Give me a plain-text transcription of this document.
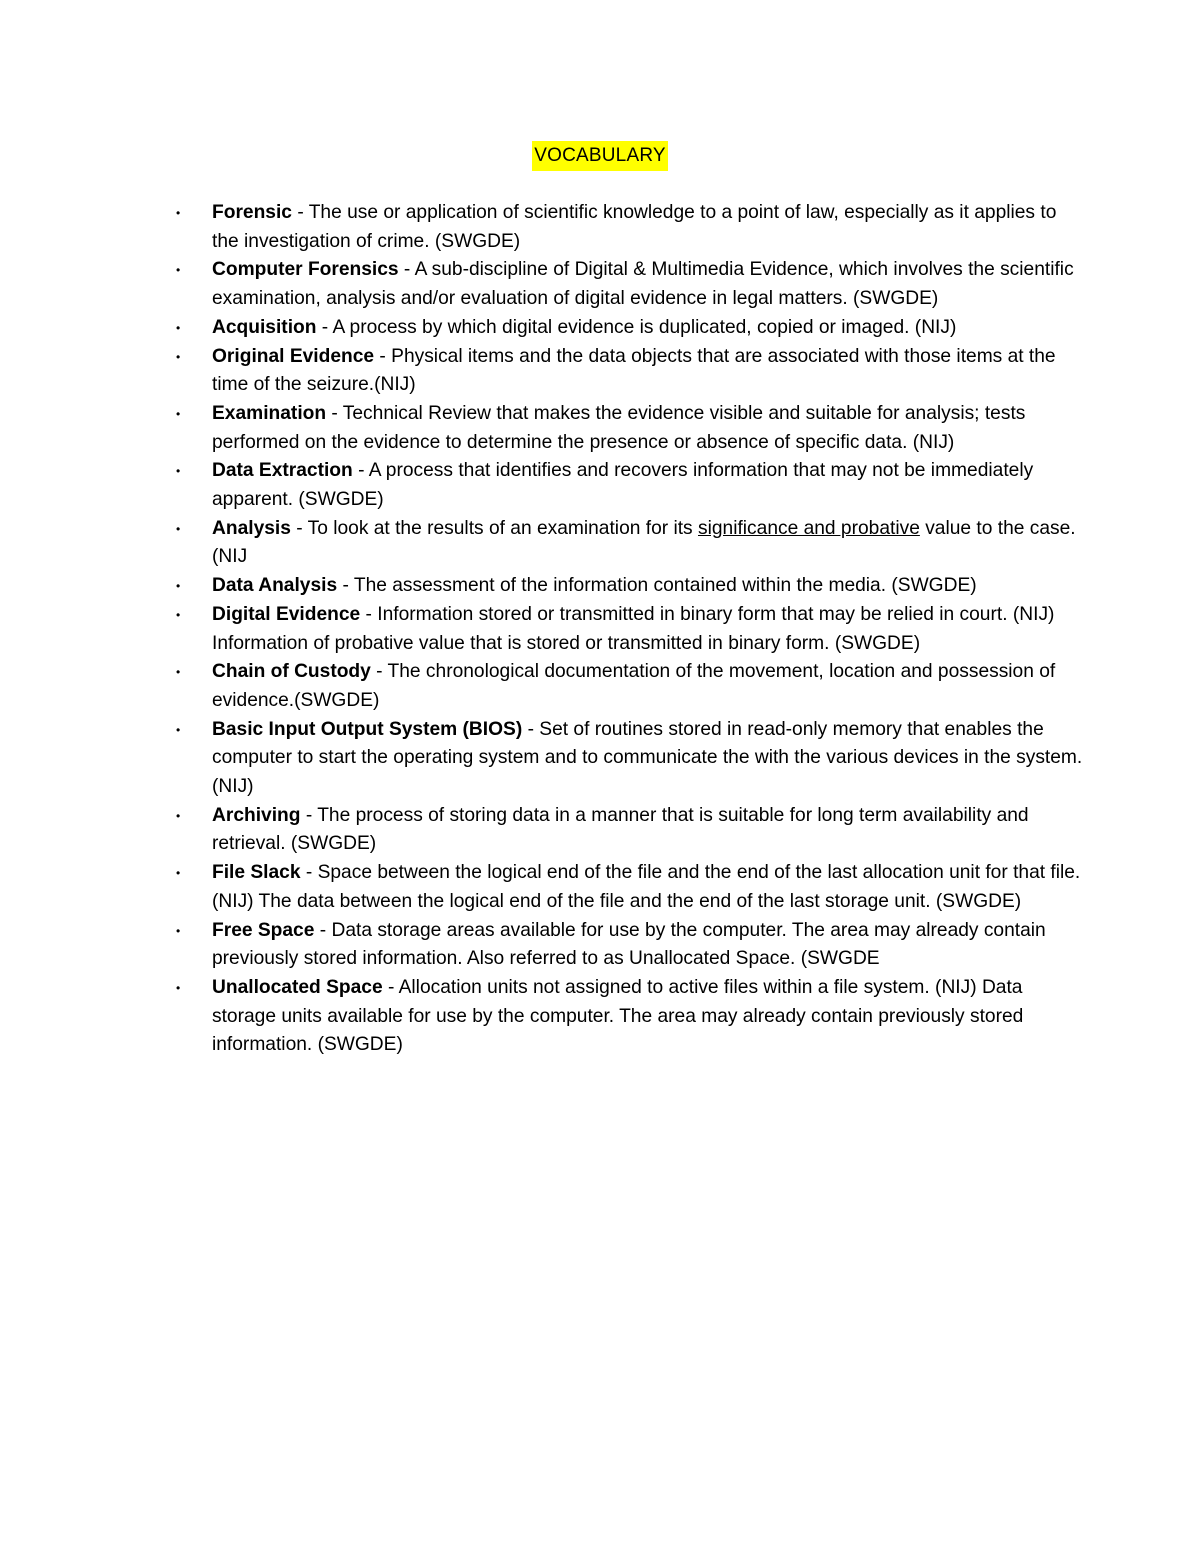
VOCABULARY
• Forensic - The use or application of scientific knowledge to a point of law, especially as it applies to the investigation of crime. (SWGDE)
• Computer Forensics - A sub-discipline of Digital & Multimedia Evidence, which involves the scientific examination, analysis and/or evaluation of digital evidence in legal matters. (SWGDE)
• Acquisition - A process by which digital evidence is duplicated, copied or imaged. (NIJ)
• Original Evidence - Physical items and the data objects that are associated with those items at the time of the seizure.(NIJ)
• Examination - Technical Review that makes the evidence visible and suitable for analysis; tests performed on the evidence to determine the presence or absence of specific data. (NIJ)
• Data Extraction - A process that identifies and recovers information that may not be immediately apparent. (SWGDE)
• Analysis - To look at the results of an examination for its significance and probative value to the case. (NIJ
• Data Analysis - The assessment of the information contained within the media. (SWGDE)
• Digital Evidence - Information stored or transmitted in binary form that may be relied in court. (NIJ) Information of probative value that is stored or transmitted in binary form. (SWGDE)
• Chain of Custody - The chronological documentation of the movement, location and possession of evidence.(SWGDE)
• Basic Input Output System (BIOS) - Set of routines stored in read-only memory that enables the computer to start the operating system and to communicate the with the various devices in the system. (NIJ)
• Archiving - The process of storing data in a manner that is suitable for long term availability and retrieval. (SWGDE)
• File Slack - Space between the logical end of the file and the end of the last allocation unit for that file. (NIJ) The data between the logical end of the file and the end of the last storage unit. (SWGDE)
• Free Space - Data storage areas available for use by the computer. The area may already contain previously stored information. Also referred to as Unallocated Space. (SWGDE
• Unallocated Space - Allocation units not assigned to active files within a file system. (NIJ) Data storage units available for use by the computer. The area may already contain previously stored information. (SWGDE)
